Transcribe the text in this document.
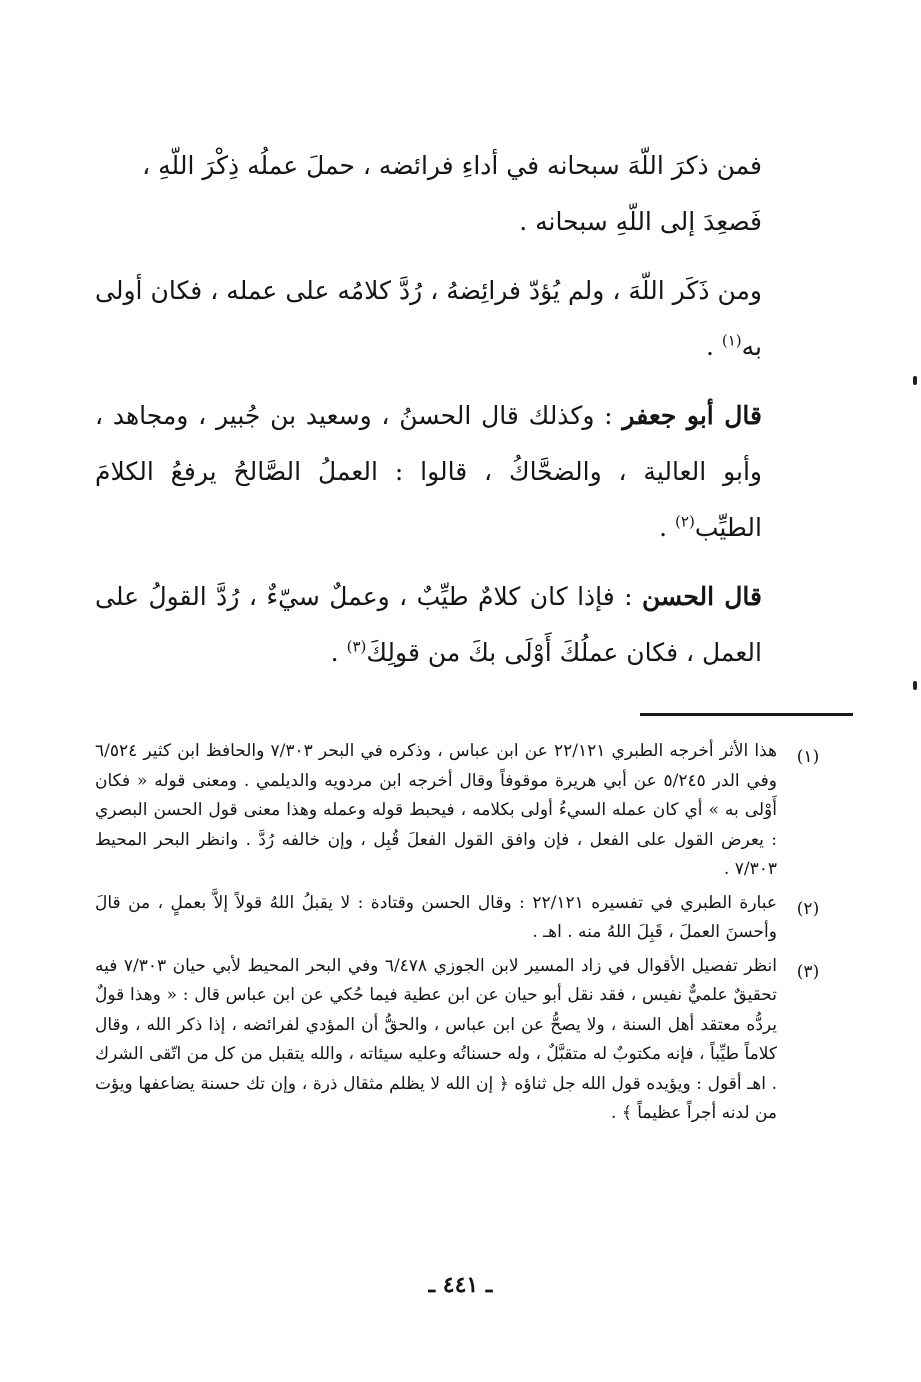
فمن ذكرَ اللّهَ سبحانه في أداءِ فرائضه ، حملَ عملُه ذِكْرَ اللّهِ ، فَصعِدَ إلى اللّهِ سبحانه .

ومن ذَكَر اللّهَ ، ولم يُؤدّ فرائِضهُ ، رُدَّ كلامُه على عمله ، فكان أولى به$^{(١)}$ .

قال أبو جعفر : وكذلك قال الحسنُ ، وسعيد بن جُبير ، ومجاهد ، وأبو العالية ، والضحَّاكُ ، قالوا : العملُ الصَّالحُ يرفعُ الكلامَ الطيِّب$^{(٢)}$ .

قال الحسن : فإذا كان كلامٌ طيِّبٌ ، وعملٌ سيّءٌ ، رُدَّ القولُ على العمل ، فكان عملُكَ أَوْلَى بكَ من قولِكَ$^{(٣)}$ .

(١)
هذا الأثر أخرجه الطبري ٢٢/١٢١ عن ابن عباس ، وذكره في البحر ٧/٣٠٣ والحافظ ابن كثير ٦/٥٢٤ وفي الدر ٥/٢٤٥ عن أبي هريرة موقوفاً وقال أخرجه ابن مردويه والديلمي . ومعنى قوله « فكان أَوْلى به » أي كان عمله السيءُ أولى بكلامه ، فيحبط قوله وعمله وهذا معنى قول الحسن البصري : يعرض القول على الفعل ، فإن وافق القول الفعلَ قُبِل ، وإن خالفه رُدَّ . وانظر البحر المحيط ٧/٣٠٣ .
(٢)
عبارة الطبري في تفسيره ٢٢/١٢١ : وقال الحسن وقتادة : لا يقبلُ اللهُ قولاً إلاَّ بعملٍ ، من قالَ وأحسنَ العملَ ، قَبِلَ اللهُ منه . اهـ .
(٣)
انظر تفصيل الأقوال في زاد المسير لابن الجوزي ٦/٤٧٨ وفي البحر المحيط لأبي حيان ٧/٣٠٣ فيه تحقيقٌ علميٌّ نفيس ، فقد نقل أبو حيان عن ابن عطية فيما حُكي عن ابن عباس قال : « وهذا قولٌ يردُّه معتقد أهل السنة ، ولا يصحُّ عن ابن عباس ، والحقُّ أن المؤدي لفرائضه ، إذا ذكر الله ، وقال كلاماً طيِّباً ، فإنه مكتوبٌ له متقبَّلٌ ، وله حسناتُه وعليه سيئاته ، والله يتقبل من كل من اتّقى الشرك . اهـ أقول : ويؤيده قول الله جل ثناؤه ﴿ إن الله لا يظلم مثقال ذرة ، وإن تك حسنة يضاعفها ويؤت من لدنه أجراً عظيماً ﴾ .
ـ ٤٤١ ـ
